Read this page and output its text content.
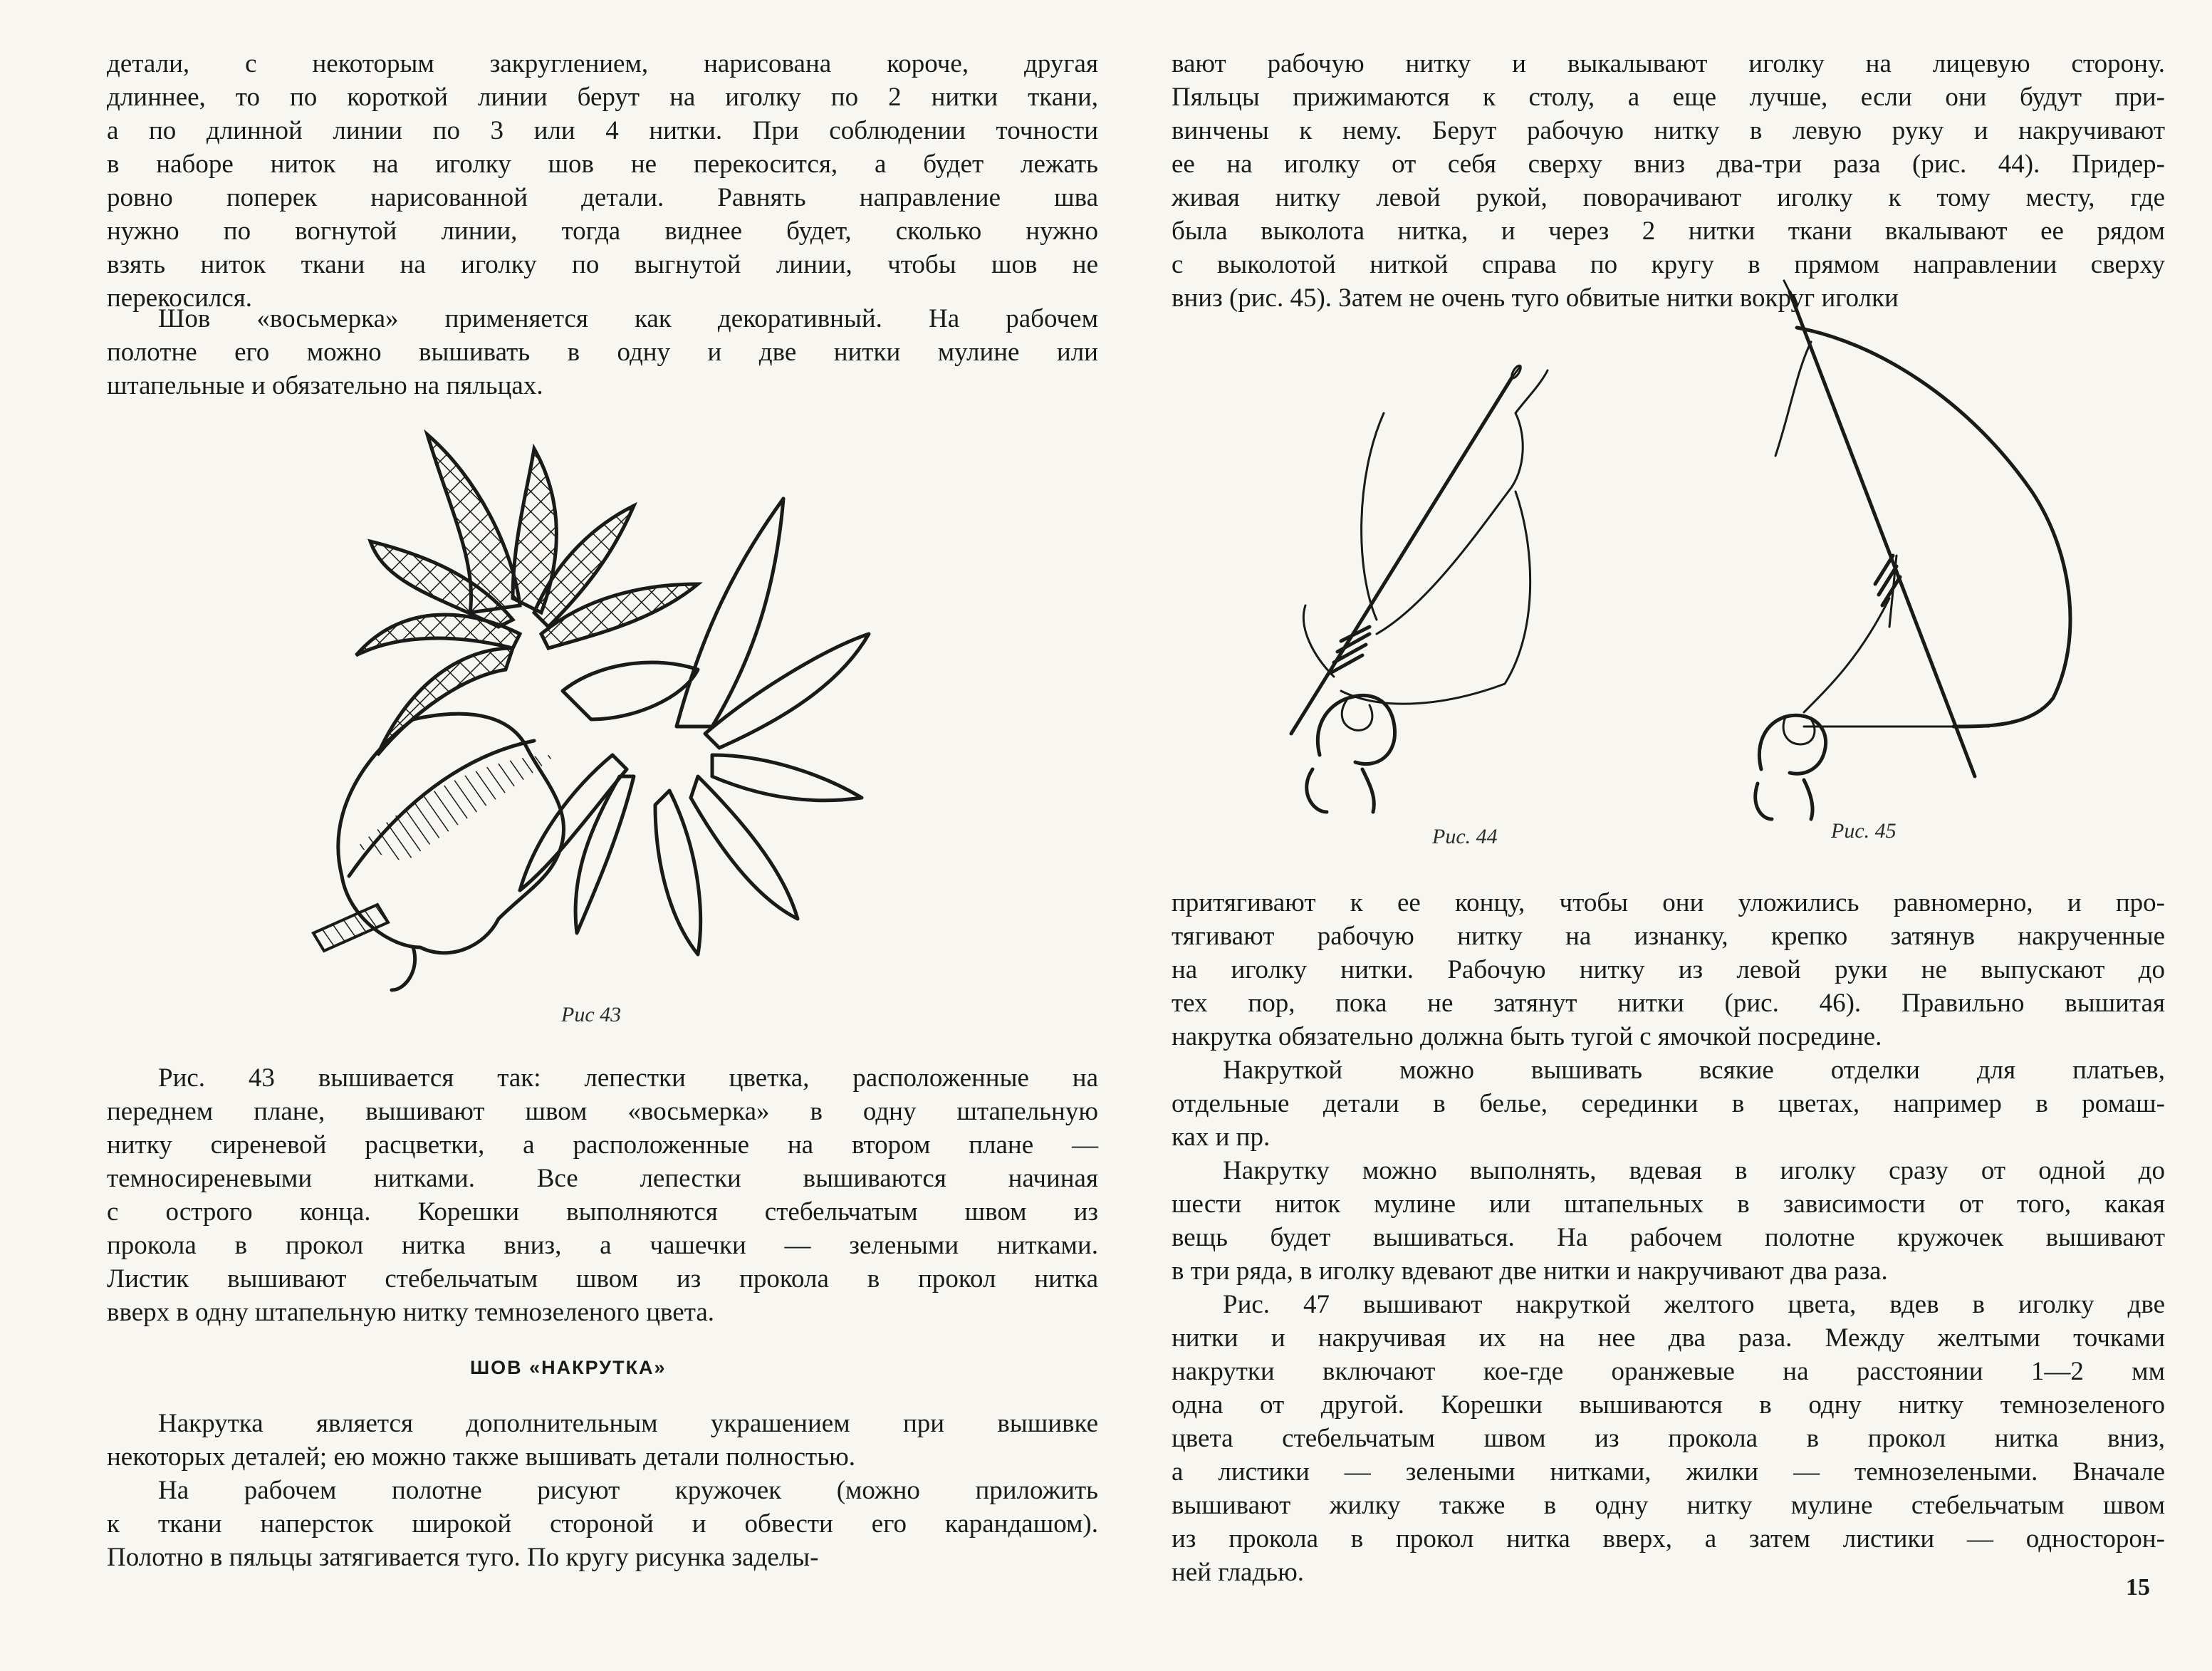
детали, с некоторым закруглением, нарисована короче, другая

длиннее, то по короткой линии берут на иголку по 2 нитки ткани,

а по длинной линии по 3 или 4 нитки. При соблюдении точности

в наборе ниток на иголку шов не перекосится, а будет лежать

ровно поперек нарисованной детали. Равнять направление шва

нужно по вогнутой линии, тогда виднее будет, сколько нужно

взять ниток ткани на иголку по выгнутой линии, чтобы шов не

перекосился.

Шов «восьмерка» применяется как декоративный. На рабочем

полотне его можно вышивать в одну и две нитки мулине или

штапельные и обязательно на пяльцах.

Рис 43

Рис. 43 вышивается так: лепестки цветка, расположенные на

переднем плане, вышивают швом «восьмерка» в одну штапельную

нитку сиреневой расцветки, а расположенные на втором плане —

темносиреневыми нитками. Все лепестки вышиваются начиная

с острого конца. Корешки выполняются стебельчатым швом из

прокола в прокол нитка вниз, а чашечки — зелеными нитками.

Листик вышивают стебельчатым швом из прокола в прокол нитка

вверх в одну штапельную нитку темнозеленого цвета.

ШОВ «НАКРУТКА»

Накрутка является дополнительным украшением при вышивке

некоторых деталей; ею можно также вышивать детали полностью.

На рабочем полотне рисуют кружочек (можно приложить

к ткани наперсток широкой стороной и обвести его карандашом).

Полотно в пяльцы затягивается туго. По кругу рисунка заделы-

вают рабочую нитку и выкалывают иголку на лицевую сторону.

Пяльцы прижимаются к столу, а еще лучше, если они будут при-

винчены к нему. Берут рабочую нитку в левую руку и накручивают

ее на иголку от себя сверху вниз два-три раза (рис. 44). Придер-

живая нитку левой рукой, поворачивают иголку к тому месту, где

была выколота нитка, и через 2 нитки ткани вкалывают ее рядом

с выколотой ниткой справа по кругу в прямом направлении сверху

вниз (рис. 45). Затем не очень туго обвитые нитки вокруг иголки

Рис. 44	Рис. 45

притягивают к ее концу, чтобы они уложились равномерно, и про-

тягивают рабочую нитку на изнанку, крепко затянув накрученные

на иголку нитки. Рабочую нитку из левой руки не выпускают до

тех пор, пока не затянут нитки (рис. 46). Правильно вышитая

накрутка обязательно должна быть тугой с ямочкой посредине.

Накруткой можно вышивать всякие отделки для платьев,

отдельные детали в белье, серединки в цветах, например в ромаш-

ках и пр.

Накрутку можно выполнять, вдевая в иголку сразу от одной до

шести ниток мулине или штапельных в зависимости от того, какая

вещь будет вышиваться. На рабочем полотне кружочек вышивают

в три ряда, в иголку вдевают две нитки и накручивают два раза.

Рис. 47 вышивают накруткой желтого цвета, вдев в иголку две

нитки и накручивая их на нее два раза. Между желтыми точками

накрутки включают кое-где оранжевые на расстоянии 1—2 мм

одна от другой. Корешки вышиваются в одну нитку темнозеленого

цвета стебельчатым швом из прокола в прокол нитка вниз,

а листики — зелеными нитками, жилки — темнозелеными. Вначале

вышивают жилку также в одну нитку мулине стебельчатым швом

из прокола в прокол нитка вверх, а затем листики — односторон-

ней гладью.

15
